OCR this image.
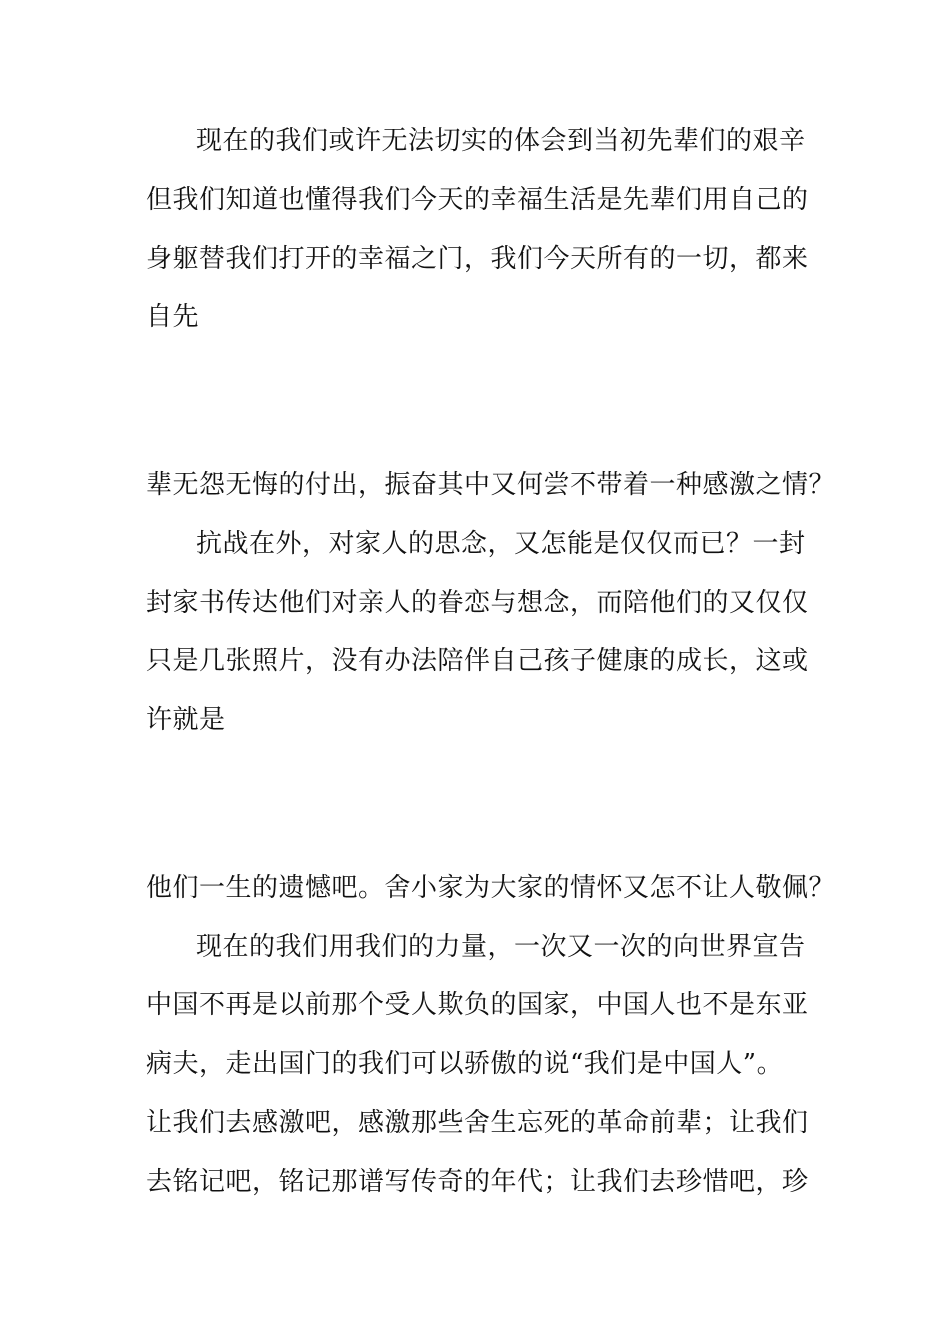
现在的我们或许无法切实的体会到当初先辈们的艰辛
但我们知道也懂得我们今天的幸福生活是先辈们用自己的
身躯替我们打开的幸福之门，我们今天所有的一切，都来
自先
辈无怨无悔的付出，振奋其中又何尝不带着一种感激之情？
抗战在外，对家人的思念，又怎能是仅仅而已？一封
封家书传达他们对亲人的眷恋与想念，而陪他们的又仅仅
只是几张照片，没有办法陪伴自己孩子健康的成长，这或
许就是
他们一生的遗憾吧。舍小家为大家的情怀又怎不让人敬佩？
现在的我们用我们的力量，一次又一次的向世界宣告
中国不再是以前那个受人欺负的国家，中国人也不是东亚
病夫，走出国门的我们可以骄傲的说“我们是中国人”。
让我们去感激吧，感激那些舍生忘死的革命前辈；让我们
去铭记吧，铭记那谱写传奇的年代；让我们去珍惜吧，珍
